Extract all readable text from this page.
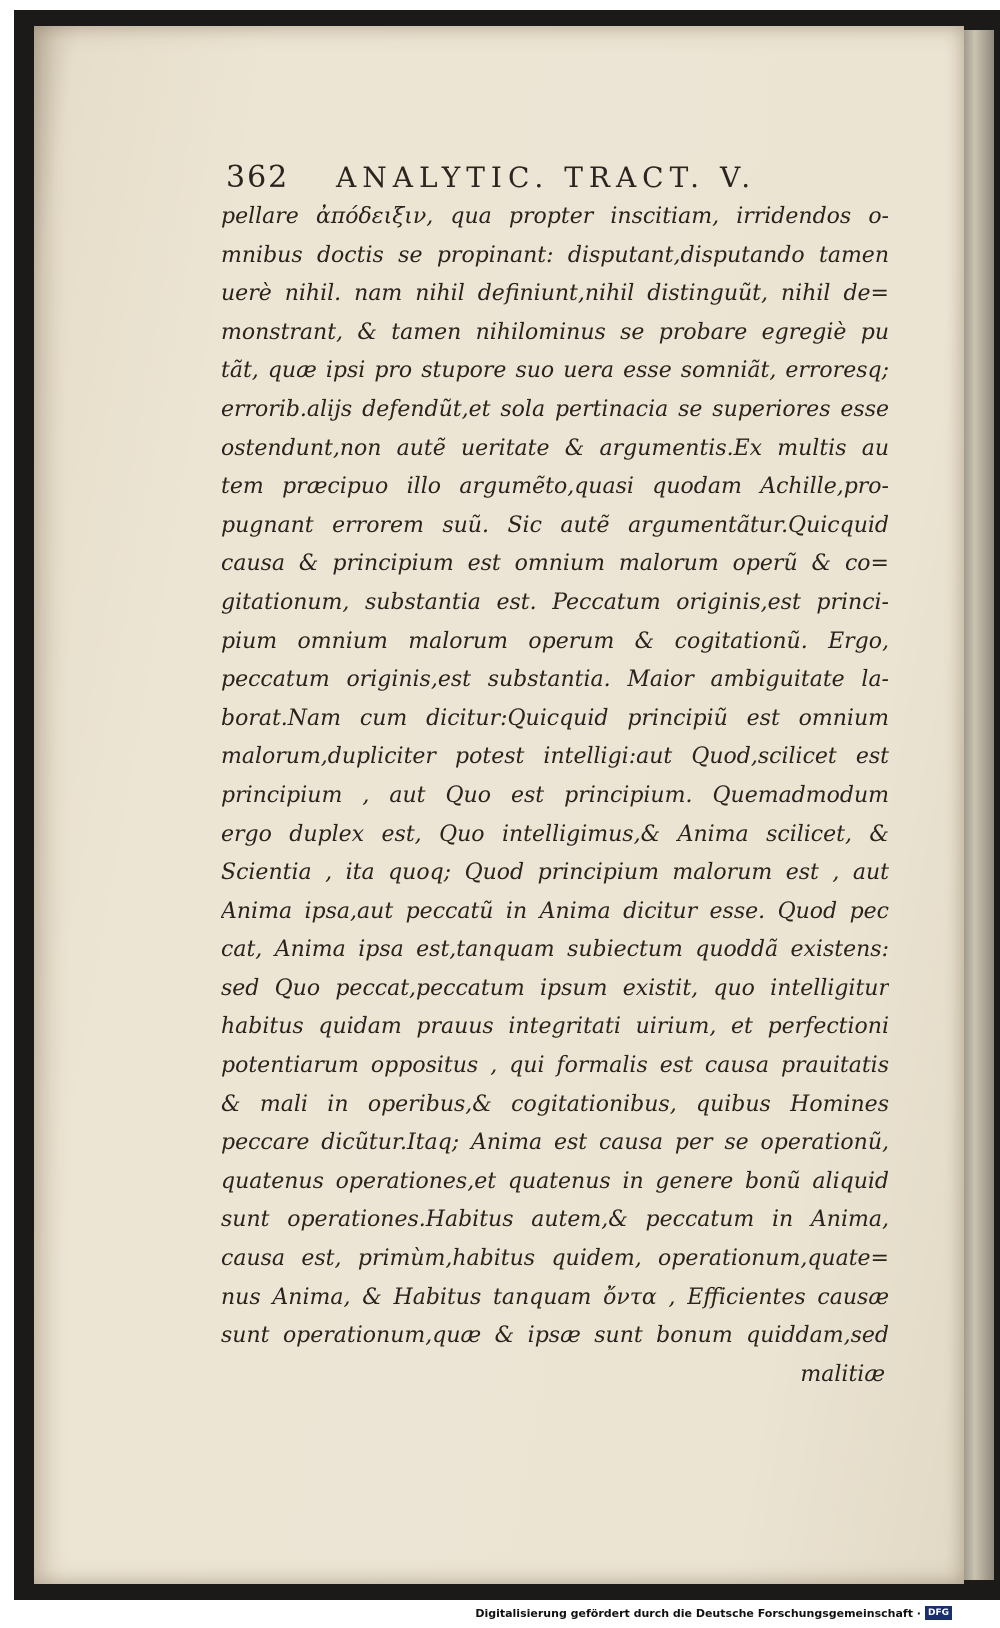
362	ANALYTIC. TRACT. V.
pellare ἀπόδειξιν, qua propter inscitiam, irridendos o-
mnibus doctis se propinant: disputant,disputando tamen
uerè nihil. nam nihil definiunt,nihil distinguũt, nihil de=
monstrant, & tamen nihilominus se probare egregiè pu
tãt, quæ ipsi pro stupore suo uera esse somniãt, erroresq;
errorib.alijs defendũt,et sola pertinacia se superiores esse
ostendunt,non autẽ ueritate & argumentis.Ex multis au
tem præcipuo illo argumẽto,quasi quodam Achille,pro-
pugnant errorem suũ. Sic autẽ argumentãtur.Quicquid
causa & principium est omnium malorum operũ & co=
gitationum, substantia est. Peccatum originis,est princi-
pium omnium malorum operum & cogitationũ. Ergo,
peccatum originis,est substantia. Maior ambiguitate la-
borat.Nam cum dicitur:Quicquid principiũ est omnium
malorum,dupliciter potest intelligi:aut Quod,scilicet est
principium , aut Quo est principium. Quemadmodum
ergo duplex est, Quo intelligimus,& Anima scilicet, &
Scientia , ita quoq; Quod principium malorum est , aut
Anima ipsa,aut peccatũ in Anima dicitur esse. Quod pec
cat, Anima ipsa est,tanquam subiectum quoddã existens:
sed Quo peccat,peccatum ipsum existit, quo intelligitur
habitus quidam prauus integritati uirium, et perfectioni
potentiarum oppositus , qui formalis est causa prauitatis
& mali in operibus,& cogitationibus, quibus Homines
peccare dicũtur.Itaq; Anima est causa per se operationũ,
quatenus operationes,et quatenus in genere bonũ aliquid
sunt operationes.Habitus autem,& peccatum in Anima,
causa est, primùm,habitus quidem, operationum,quate=
nus Anima, & Habitus tanquam ὄντα , Efficientes causæ
sunt operationum,quæ & ipsæ sunt bonum quiddam,sed
malitiæ
Digitalisierung gefördert durch die Deutsche Forschungsgemeinschaft · DFG
